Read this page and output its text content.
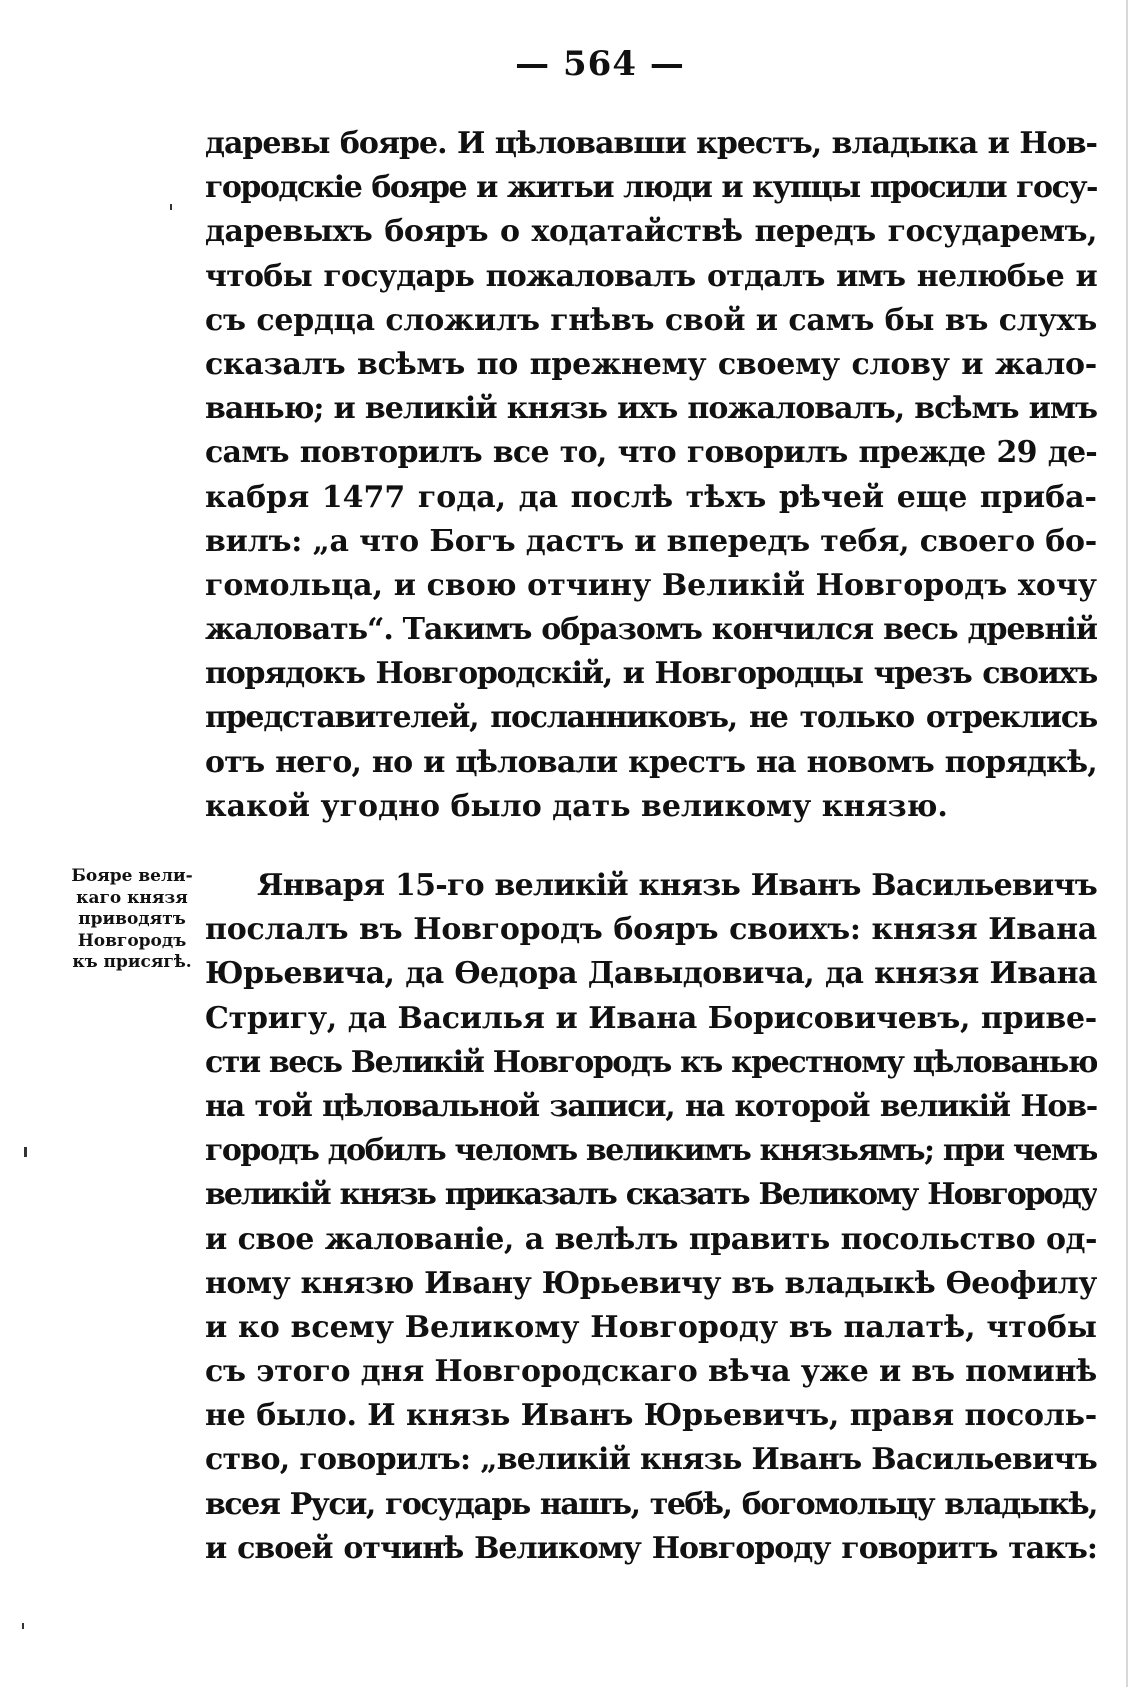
— 564 —
даревы бояре. И цѣловавши крестъ, владыка и Нов-
городскіе бояре и житьи люди и купцы просили госу-
даревыхъ бояръ о ходатайствѣ передъ государемъ,
чтобы государь пожаловалъ отдалъ имъ нелюбье и
съ сердца сложилъ гнѣвъ свой и самъ бы въ слухъ
сказалъ всѣмъ по прежнему своему слову и жало-
ванью; и великій князь ихъ пожаловалъ, всѣмъ имъ
самъ повторилъ все то, что говорилъ прежде 29 де-
кабря 1477 года, да послѣ тѣхъ рѣчей еще приба-
вилъ: „а что Богъ дастъ и впередъ тебя, своего бо-
гомольца, и свою отчину Великій Новгородъ хочу
жаловать“. Такимъ образомъ кончился весь древній
порядокъ Новгородскій, и Новгородцы чрезъ своихъ
представителей, посланниковъ, не только отреклись
отъ него, но и цѣловали крестъ на новомъ порядкѣ,
какой угодно было дать великому князю.
Бояре вели-
каго князя
приводятъ
Новгородъ
къ присягѣ.
Января 15-го великій князь Иванъ Васильевичъ
послалъ въ Новгородъ бояръ своихъ: князя Ивана
Юрьевича, да Өедора Давыдовича, да князя Ивана
Стригу, да Василья и Ивана Борисовичевъ, приве-
сти весь Великій Новгородъ къ крестному цѣлованью
на той цѣловальной записи, на которой великій Нов-
городъ добилъ челомъ великимъ князьямъ; при чемъ
великій князь приказалъ сказать Великому Новгороду
и свое жалованіе, а велѣлъ править посольство од-
ному князю Ивану Юрьевичу въ владыкѣ Өеофилу
и ко всему Великому Новгороду въ палатѣ, чтобы
съ этого дня Новгородскаго вѣча уже и въ поминѣ
не было. И князь Иванъ Юрьевичъ, правя посоль-
ство, говорилъ: „великій князь Иванъ Васильевичъ
всея Руси, государь нашъ, тебѣ, богомольцу владыкѣ,
и своей отчинѣ Великому Новгороду говоритъ такъ:
